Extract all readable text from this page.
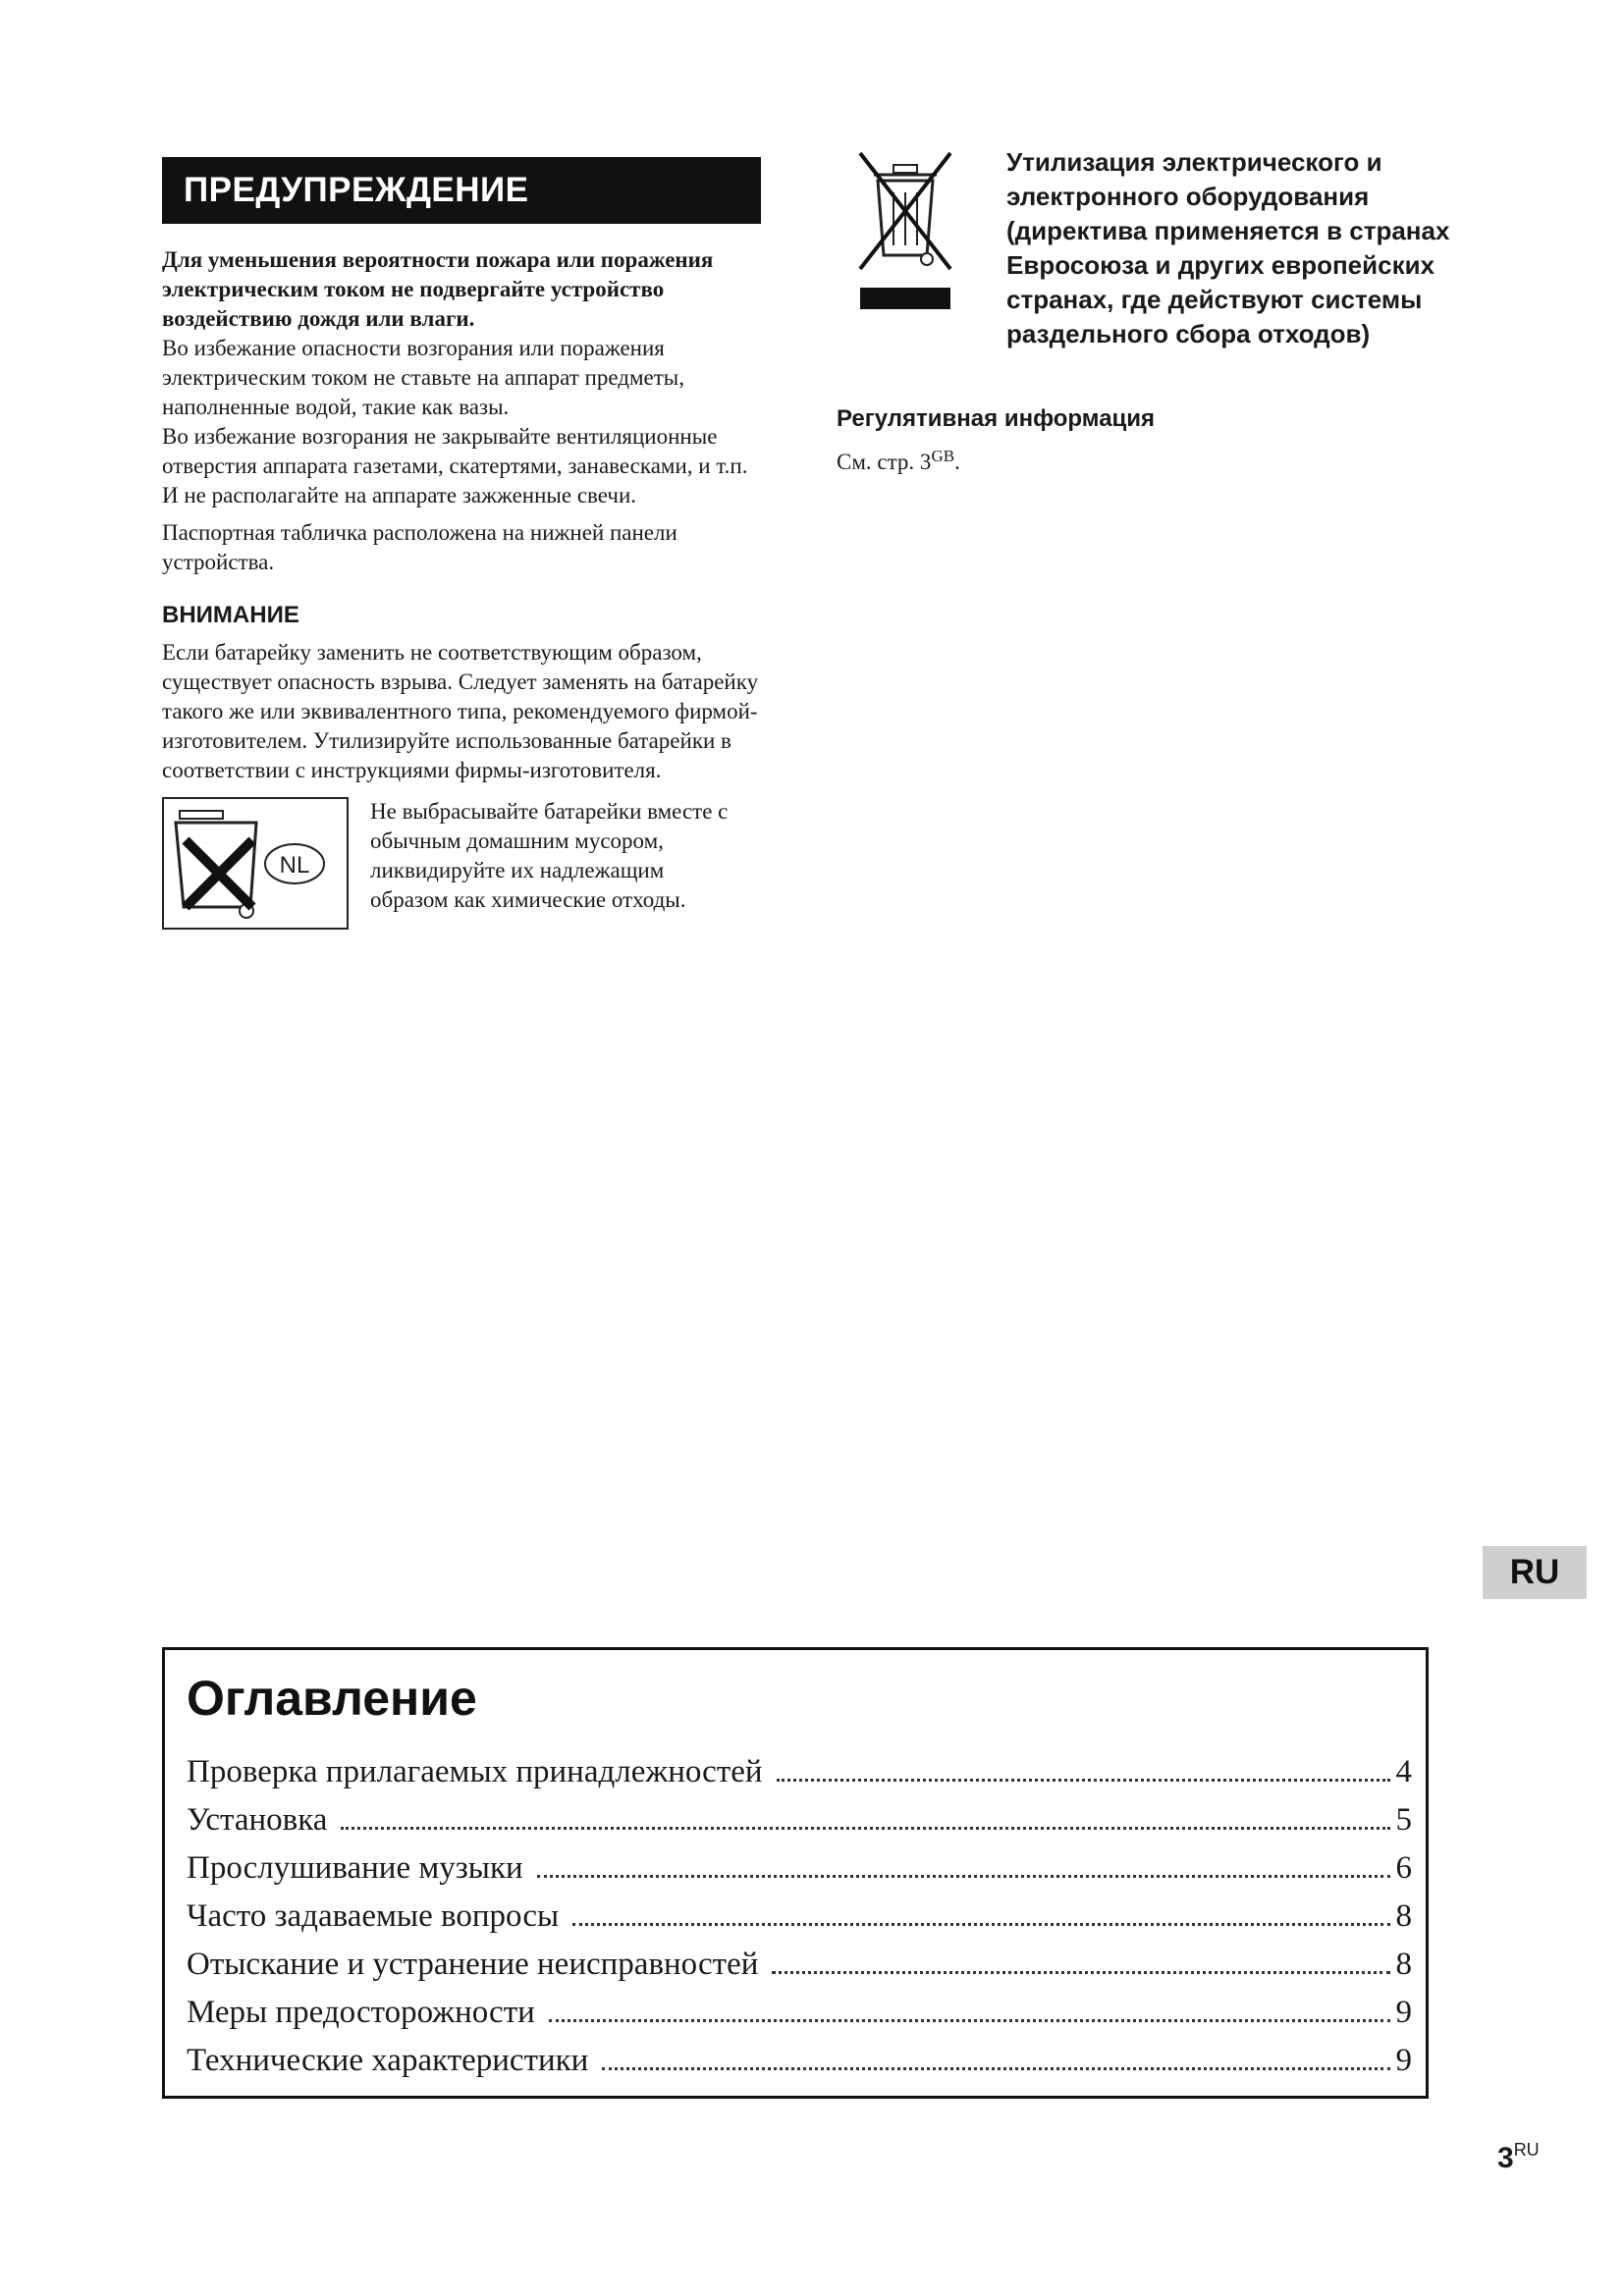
ПРЕДУПРЕЖДЕНИЕ

Для уменьшения вероятности пожара или поражения электрическим током не подвергайте устройство воздействию дождя или влаги.

Во избежание опасности возгорания или поражения электрическим током не ставьте на аппарат предметы, наполненные водой, такие как вазы.

Во избежание возгорания не закрывайте вентиляционные отверстия аппарата газетами, скатертями, занавесками, и т.п. И не располагайте на аппарате зажженные свечи.

Паспортная табличка расположена на нижней панели устройства.

ВНИМАНИЕ

Если батарейку заменить не соответствующим образом, существует опасность взрыва. Следует заменять на батарейку такого же или эквивалентного типа, рекомендуемого фирмой-изготовителем. Утилизируйте использованные батарейки в соответствии с инструкциями фирмы-изготовителя.

NL

Не выбрасывайте батарейки вместе с обычным домашним мусором, ликвидируйте их надлежащим образом как химические отходы.

Утилизация электрического и электронного оборудования (директива применяется в странах Евросоюза и других европейских странах, где действуют системы раздельного сбора отходов)
Регулятивная информация
См. стр. $3^{GB}$.
RU
Оглавление
Проверка прилагаемых принадлежностей	4
Установка	5
Прослушивание музыки	6
Часто задаваемые вопросы	8
Отыскание и устранение неисправностей	8
Меры предосторожности	9
Технические характеристики	9
$3^{RU}$
